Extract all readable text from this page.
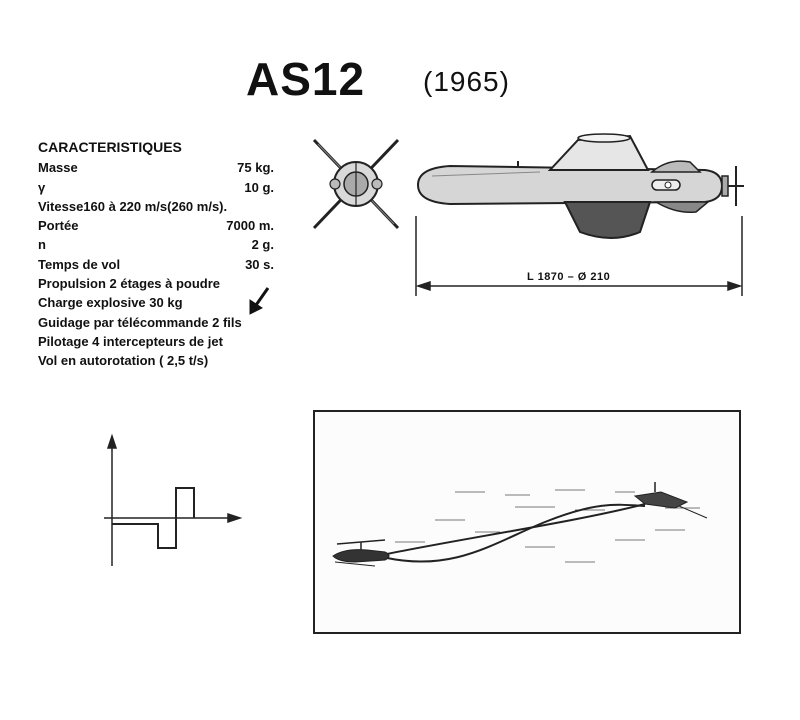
AS12 (1965)
CARACTERISTIQUES
Masse	75 kg.
γ	10 g.
Vitesse160 à 220 m/s(260 m/s).
Portée	7000 m.
n	2 g.
Temps de vol	30 s.
Propulsion 2 étages à poudre
Charge explosive 30 kg
Guidage par télécommande 2 fils
Pilotage 4 intercepteurs de jet
Vol en autorotation ( 2,5 t/s)
L 1870 – Ø 210
